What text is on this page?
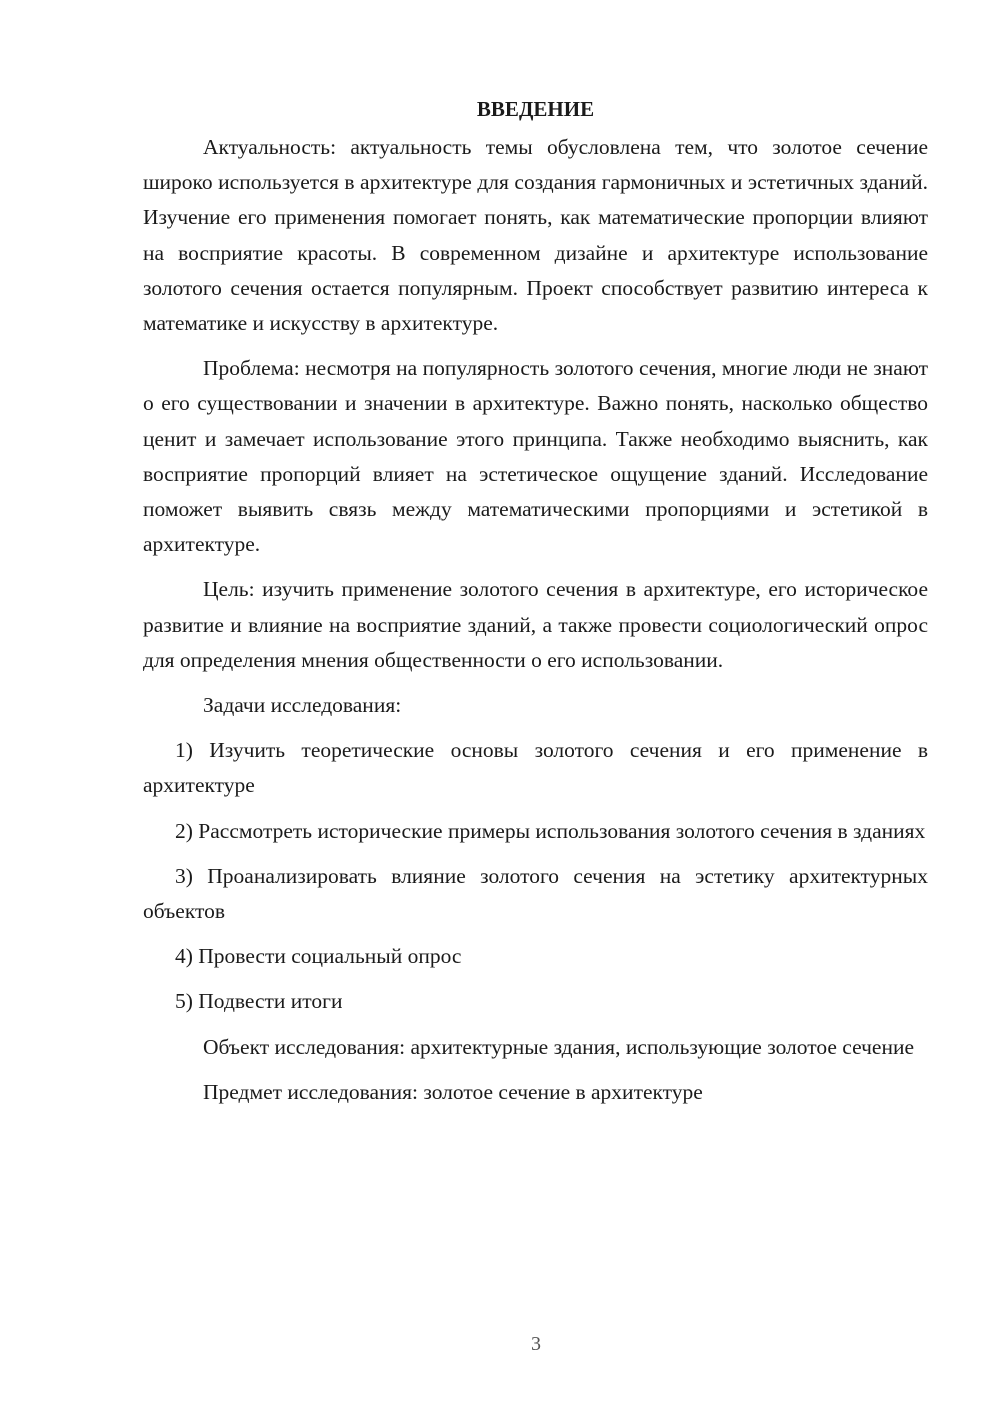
ВВЕДЕНИЕ

Актуальность: актуальность темы обусловлена тем, что золотое сечение широко используется в архитектуре для создания гармоничных и эстетичных зданий. Изучение его применения помогает понять, как математические пропорции влияют на восприятие красоты. В современном дизайне и архитектуре использование золотого сечения остается популярным. Проект способствует развитию интереса к математике и искусству в архитектуре.

Проблема: несмотря на популярность золотого сечения, многие люди не знают о его существовании и значении в архитектуре. Важно понять, насколько общество ценит и замечает использование этого принципа. Также необходимо выяснить, как восприятие пропорций влияет на эстетическое ощущение зданий. Исследование поможет выявить связь между математическими пропорциями и эстетикой в архитектуре.

Цель: изучить применение золотого сечения в архитектуре, его историческое развитие и влияние на восприятие зданий, а также провести социологический опрос для определения мнения общественности о его использовании.

Задачи исследования:

1) Изучить теоретические основы золотого сечения и его применение в архитектуре

2) Рассмотреть исторические примеры использования золотого сечения в зданиях

3) Проанализировать влияние золотого сечения на эстетику архитектурных объектов

4) Провести социальный опрос

5) Подвести итоги

Объект исследования: архитектурные здания, использующие золотое сечение

Предмет исследования: золотое сечение в архитектуре

3
